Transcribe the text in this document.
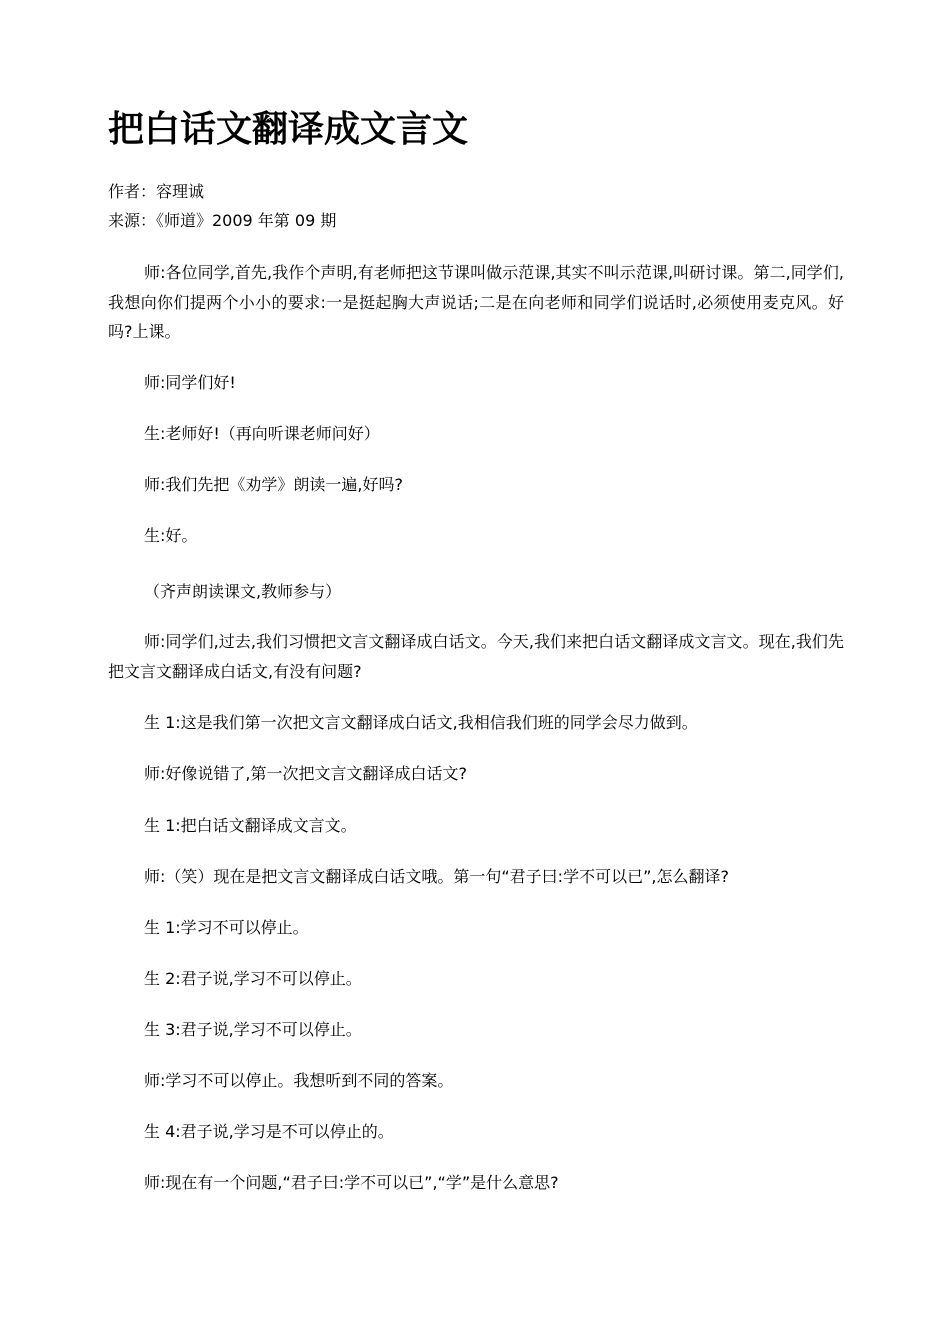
把白话文翻译成文言文
作者：容理诚
来源：《师道》2009 年第 09 期

师:各位同学,首先,我作个声明,有老师把这节课叫做示范课,其实不叫示范课,叫研讨课。第二,同学们,我想向你们提两个小小的要求:一是挺起胸大声说话;二是在向老师和同学们说话时,必须使用麦克风。好吗?上课。

师:同学们好!

生:老师好!（再向听课老师问好）

师:我们先把《劝学》朗读一遍,好吗?

生:好。

（齐声朗读课文,教师参与）

师:同学们,过去,我们习惯把文言文翻译成白话文。今天,我们来把白话文翻译成文言文。现在,我们先把文言文翻译成白话文,有没有问题?

生 1:这是我们第一次把文言文翻译成白话文,我相信我们班的同学会尽力做到。

师:好像说错了,第一次把文言文翻译成白话文?

生 1:把白话文翻译成文言文。

师:（笑）现在是把文言文翻译成白话文哦。第一句“君子曰:学不可以已”,怎么翻译?

生 1:学习不可以停止。

生 2:君子说,学习不可以停止。

生 3:君子说,学习不可以停止。

师:学习不可以停止。我想听到不同的答案。

生 4:君子说,学习是不可以停止的。

师:现在有一个问题,“君子曰:学不可以已”,“学”是什么意思?
